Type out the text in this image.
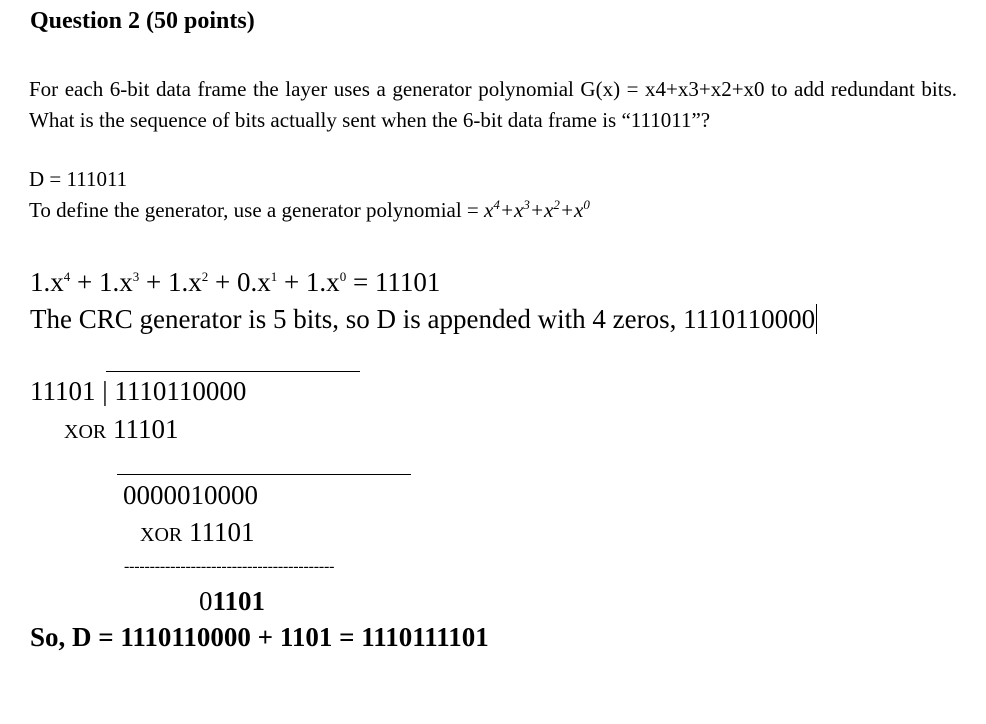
Question 2 (50 points)
For each 6-bit data frame the layer uses a generator polynomial G(x) = x4+x3+x2+x0 to add redundant bits. What is the sequence of bits actually sent when the 6-bit data frame is “111011”?
D = 111011
To define the generator, use a generator polynomial = $x^4+x^3+x^2+x^0$
$1.x^4 + 1.x^3 + 1.x^2 + 0.x^1 + 1.x^0 = 11101$
The CRC generator is 5 bits, so D is appended with 4 zeros, 1110110000
11101 | 1110110000
XOR 11101
0000010000
XOR 11101
-----------------------------------------
01101
So, D = 1110110000 + 1101 = 1110111101
